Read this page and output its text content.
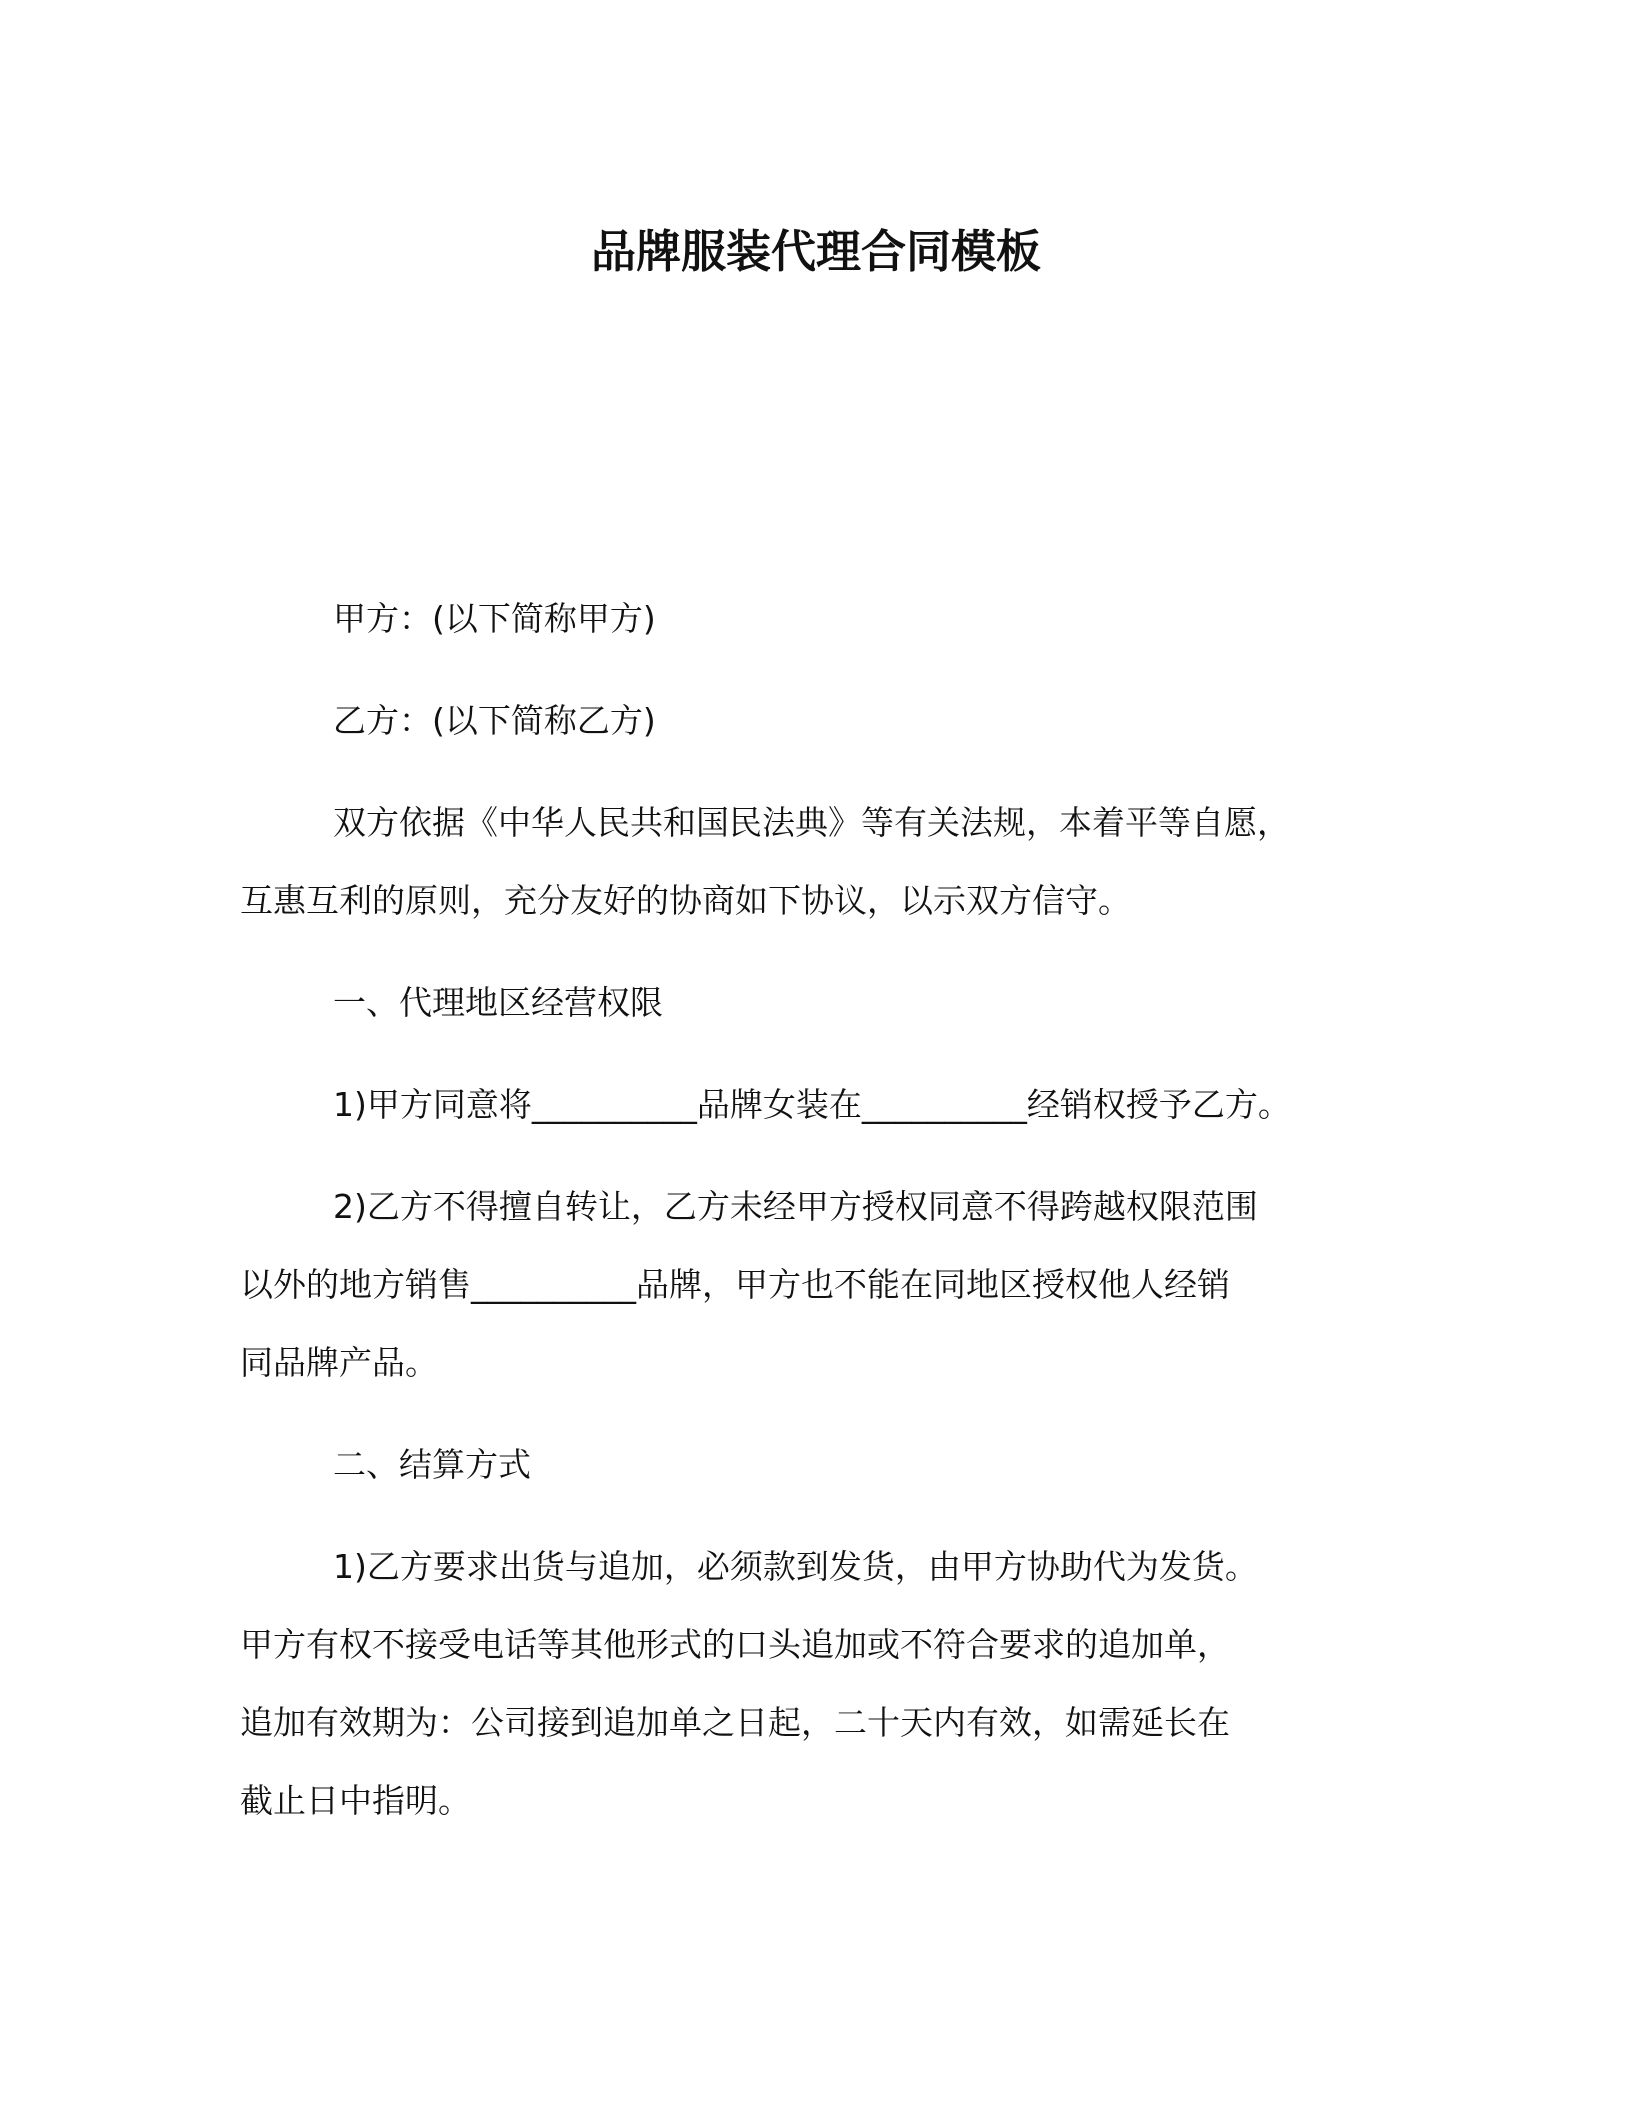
品牌服装代理合同模板
甲方：(以下简称甲方)
乙方：(以下简称乙方)
双方依据《中华人民共和国民法典》等有关法规，本着平等自愿，
互惠互利的原则，充分友好的协商如下协议，以示双方信守。
一、代理地区经营权限
1)甲方同意将__________品牌女装在__________经销权授予乙方。
2)乙方不得擅自转让，乙方未经甲方授权同意不得跨越权限范围
以外的地方销售__________品牌，甲方也不能在同地区授权他人经销
同品牌产品。
二、结算方式
1)乙方要求出货与追加，必须款到发货，由甲方协助代为发货。
甲方有权不接受电话等其他形式的口头追加或不符合要求的追加单，
追加有效期为：公司接到追加单之日起，二十天内有效，如需延长在
截止日中指明。
